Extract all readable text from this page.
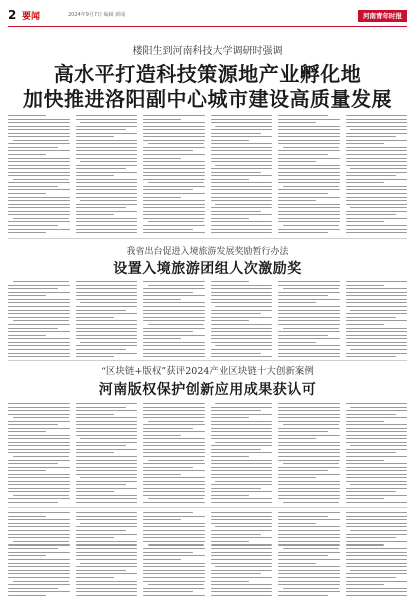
2 要闻	2024年9月7日 编辑 新闻	河南青年时报
楼阳生到河南科技大学调研时强调
高水平打造科技策源地产业孵化地
加快推进洛阳副中心城市建设高质量发展
我省出台促进入境旅游发展奖励暂行办法
设置入境旅游团组人次激励奖
“区块链+版权”获评2024产业区块链十大创新案例
河南版权保护创新应用成果获认可
